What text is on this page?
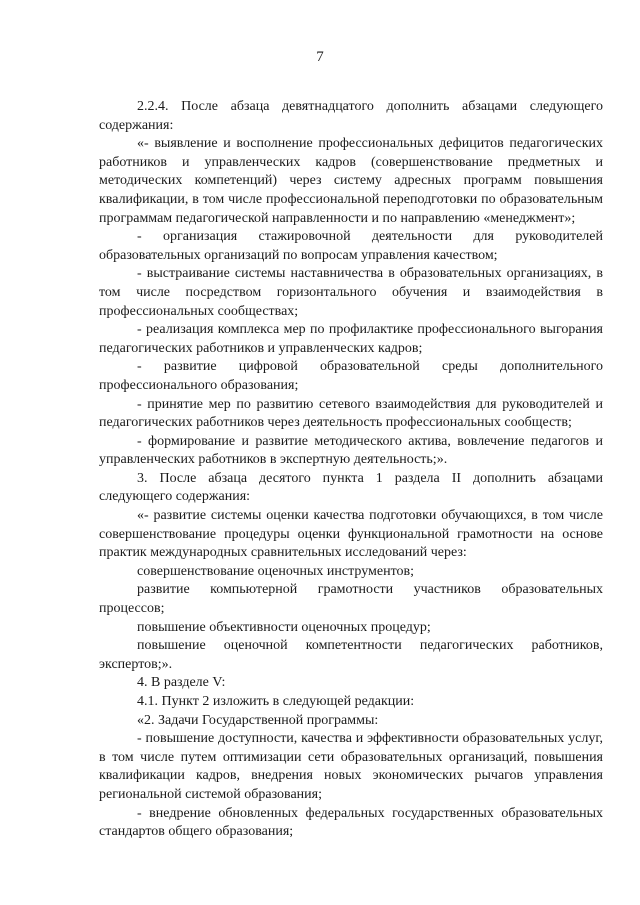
7

2.2.4. После абзаца девятнадцатого дополнить абзацами следующего содержания:

«- выявление и восполнение профессиональных дефицитов педагогических работников и управленческих кадров (совершенствование предметных и методических компетенций) через систему адресных программ повышения квалификации, в том числе профессиональной переподготовки по образовательным программам педагогической направленности и по направлению «менеджмент»;

- организация стажировочной деятельности для руководителей образовательных организаций по вопросам управления качеством;

- выстраивание системы наставничества в образовательных организациях, в том числе посредством горизонтального обучения и взаимодействия в профессиональных сообществах;

- реализация комплекса мер по профилактике профессионального выгорания педагогических работников и управленческих кадров;

- развитие цифровой образовательной среды дополнительного профессионального образования;

- принятие мер по развитию сетевого взаимодействия для руководителей и педагогических работников через деятельность профессиональных сообществ;

- формирование и развитие методического актива, вовлечение педагогов и управленческих работников в экспертную деятельность;».

3. После абзаца десятого пункта 1 раздела II дополнить абзацами следующего содержания:

«- развитие системы оценки качества подготовки обучающихся, в том числе совершенствование процедуры оценки функциональной грамотности на основе практик международных сравнительных исследований через:

совершенствование оценочных инструментов;

развитие компьютерной грамотности участников образовательных процессов;

повышение объективности оценочных процедур;

повышение оценочной компетентности педагогических работников, экспертов;».

4. В разделе V:

4.1. Пункт 2 изложить в следующей редакции:

«2. Задачи Государственной программы:

- повышение доступности, качества и эффективности образовательных услуг, в том числе путем оптимизации сети образовательных организаций, повышения квалификации кадров, внедрения новых экономических рычагов управления региональной системой образования;

- внедрение обновленных федеральных государственных образовательных стандартов общего образования;
